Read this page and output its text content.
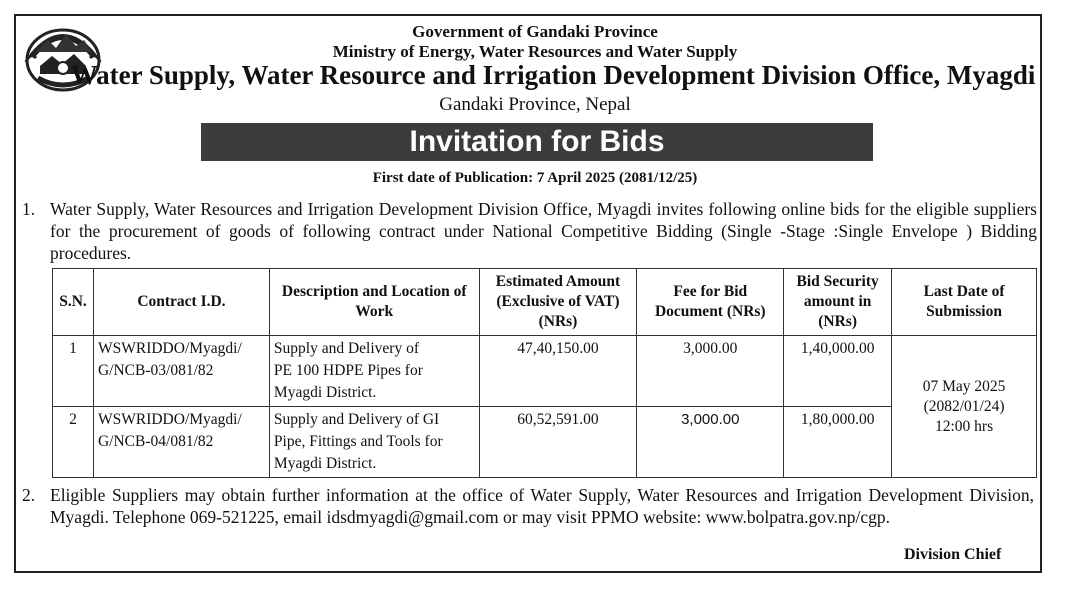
Government of Gandaki Province
Ministry of Energy, Water Resources and Water Supply
Water Supply, Water Resource and Irrigation Development Division Office, Myagdi
Gandaki Province, Nepal
Invitation for Bids
First date of Publication: 7 April 2025 (2081/12/25)
1. Water Supply, Water Resources and Irrigation Development Division Office, Myagdi invites following online bids for the eligible suppliers for the procurement of goods of following contract under National Competitive Bidding (Single -Stage :Single Envelope ) Bidding procedures.
S.N.	Contract I.D.	Description and Location of Work	Estimated Amount (Exclusive of VAT) (NRs)	Fee for Bid Document (NRs)	Bid Security amount in (NRs)	Last Date of Submission
1	WSWRIDDO/Myagdi/
G/NCB-03/081/82	Supply and Delivery of
PE 100 HDPE Pipes for
Myagdi District.	47,40,150.00	3,000.00	1,40,000.00	07 May 2025
(2082/01/24)
12:00 hrs
2	WSWRIDDO/Myagdi/
G/NCB-04/081/82	Supply and Delivery of GI
Pipe, Fittings and Tools for
Myagdi District.	60,52,591.00	3,000.00	1,80,000.00	
2. Eligible Suppliers may obtain further information at the office of Water Supply, Water Resources and Irrigation Development Division, Myagdi. Telephone 069-521225, email idsdmyagdi@gmail.com or may visit PPMO website: www.bolpatra.gov.np/cgp.
Division Chief
